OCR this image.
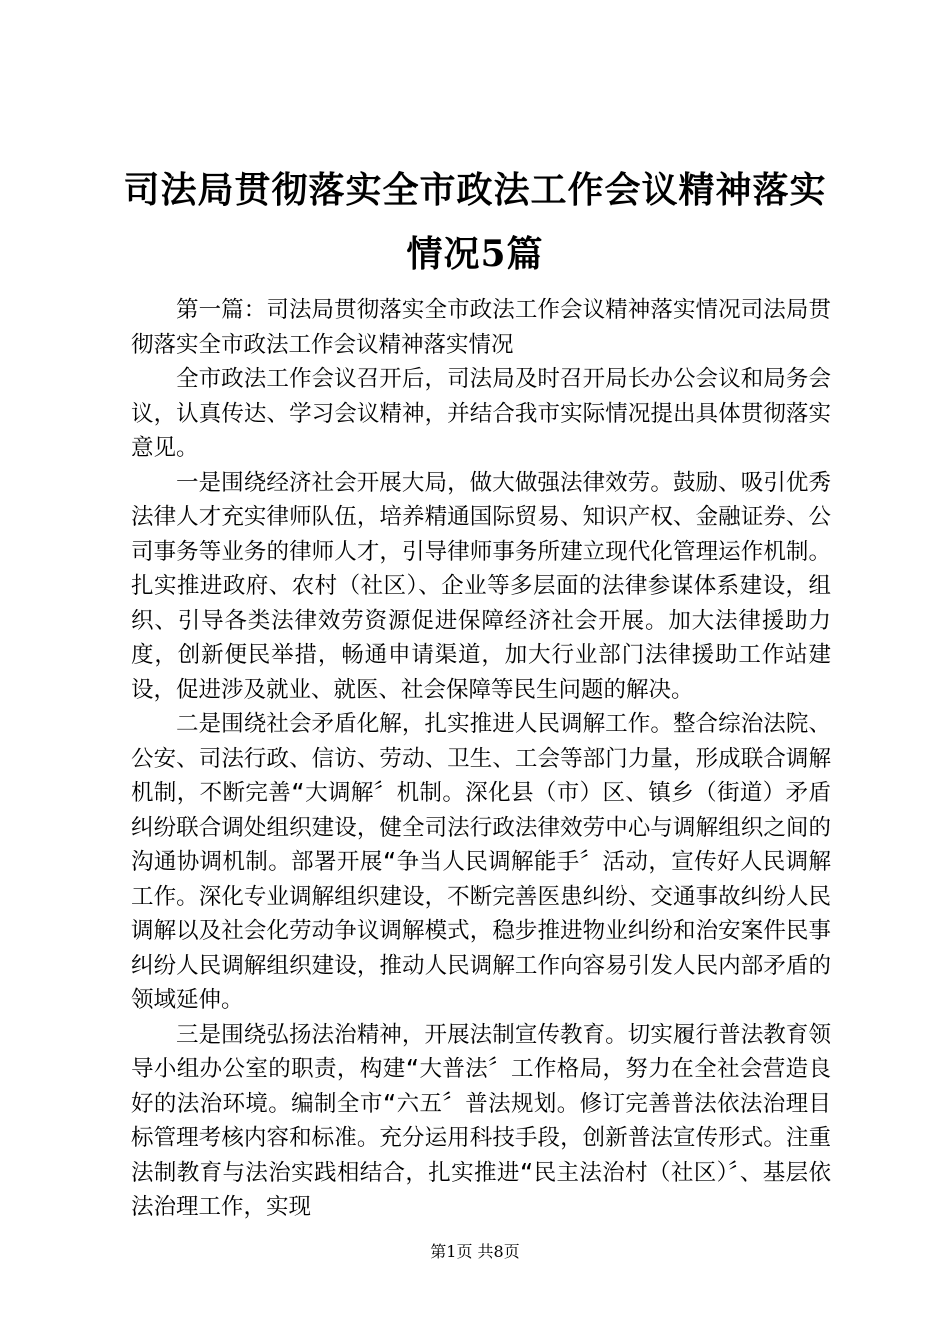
司法局贯彻落实全市政法工作会议精神落实情况5篇

第一篇：司法局贯彻落实全市政法工作会议精神落实情况司法局贯彻落实全市政法工作会议精神落实情况

全市政法工作会议召开后，司法局及时召开局长办公会议和局务会议，认真传达、学习会议精神，并结合我市实际情况提出具体贯彻落实意见。

一是围绕经济社会开展大局，做大做强法律效劳。鼓励、吸引优秀法律人才充实律师队伍，培养精通国际贸易、知识产权、金融证券、公司事务等业务的律师人才，引导律师事务所建立现代化管理运作机制。扎实推进政府、农村（社区）、企业等多层面的法律参谋体系建设，组织、引导各类法律效劳资源促进保障经济社会开展。加大法律援助力度，创新便民举措，畅通申请渠道，加大行业部门法律援助工作站建设，促进涉及就业、就医、社会保障等民生问题的解决。

二是围绕社会矛盾化解，扎实推进人民调解工作。整合综治法院、公安、司法行政、信访、劳动、卫生、工会等部门力量，形成联合调解机制，不断完善“大调解〞机制。深化县（市）区、镇乡（街道）矛盾纠纷联合调处组织建设，健全司法行政法律效劳中心与调解组织之间的沟通协调机制。部署开展“争当人民调解能手〞活动，宣传好人民调解工作。深化专业调解组织建设，不断完善医患纠纷、交通事故纠纷人民调解以及社会化劳动争议调解模式，稳步推进物业纠纷和治安案件民事纠纷人民调解组织建设，推动人民调解工作向容易引发人民内部矛盾的领域延伸。

三是围绕弘扬法治精神，开展法制宣传教育。切实履行普法教育领导小组办公室的职责，构建“大普法〞工作格局，努力在全社会营造良好的法治环境。编制全市“六五〞普法规划。修订完善普法依法治理目标管理考核内容和标准。充分运用科技手段，创新普法宣传形式。注重法制教育与法治实践相结合，扎实推进“民主法治村（社区）〞、基层依法治理工作，实现

第1页 共8页
